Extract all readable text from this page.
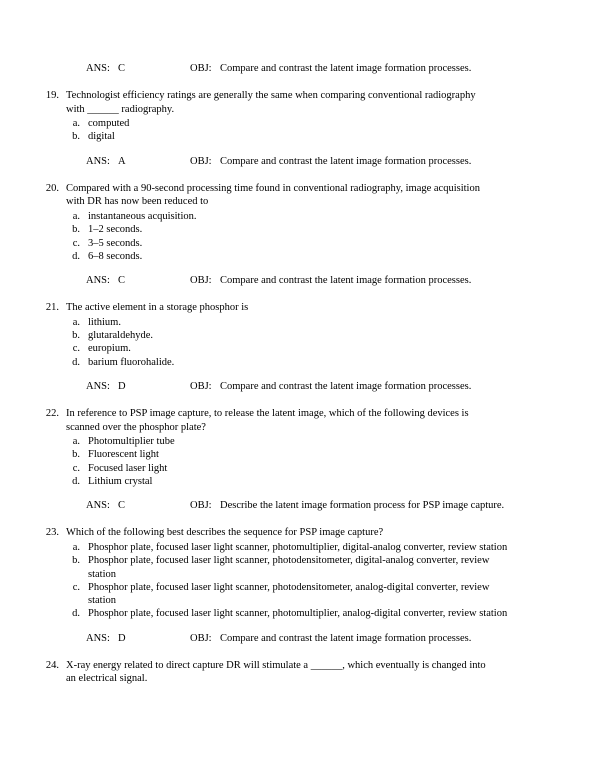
ANS: C	OBJ: Compare and contrast the latent image formation processes.
19. Technologist efficiency ratings are generally the same when comparing conventional radiography with ______ radiography.
a. computed
b. digital
ANS: A	OBJ: Compare and contrast the latent image formation processes.
20. Compared with a 90-second processing time found in conventional radiography, image acquisition with DR has now been reduced to
a. instantaneous acquisition.
b. 1–2 seconds.
c. 3–5 seconds.
d. 6–8 seconds.
ANS: C	OBJ: Compare and contrast the latent image formation processes.
21. The active element in a storage phosphor is
a. lithium.
b. glutaraldehyde.
c. europium.
d. barium fluorohalide.
ANS: D	OBJ: Compare and contrast the latent image formation processes.
22. In reference to PSP image capture, to release the latent image, which of the following devices is scanned over the phosphor plate?
a. Photomultiplier tube
b. Fluorescent light
c. Focused laser light
d. Lithium crystal
ANS: C	OBJ: Describe the latent image formation process for PSP image capture.
23. Which of the following best describes the sequence for PSP image capture?
a. Phosphor plate, focused laser light scanner, photomultiplier, digital-analog converter, review station
b. Phosphor plate, focused laser light scanner, photodensitometer, digital-analog converter, review station
c. Phosphor plate, focused laser light scanner, photodensitometer, analog-digital converter, review station
d. Phosphor plate, focused laser light scanner, photomultiplier, analog-digital converter, review station
ANS: D	OBJ: Compare and contrast the latent image formation processes.
24. X-ray energy related to direct capture DR will stimulate a ______, which eventually is changed into an electrical signal.
